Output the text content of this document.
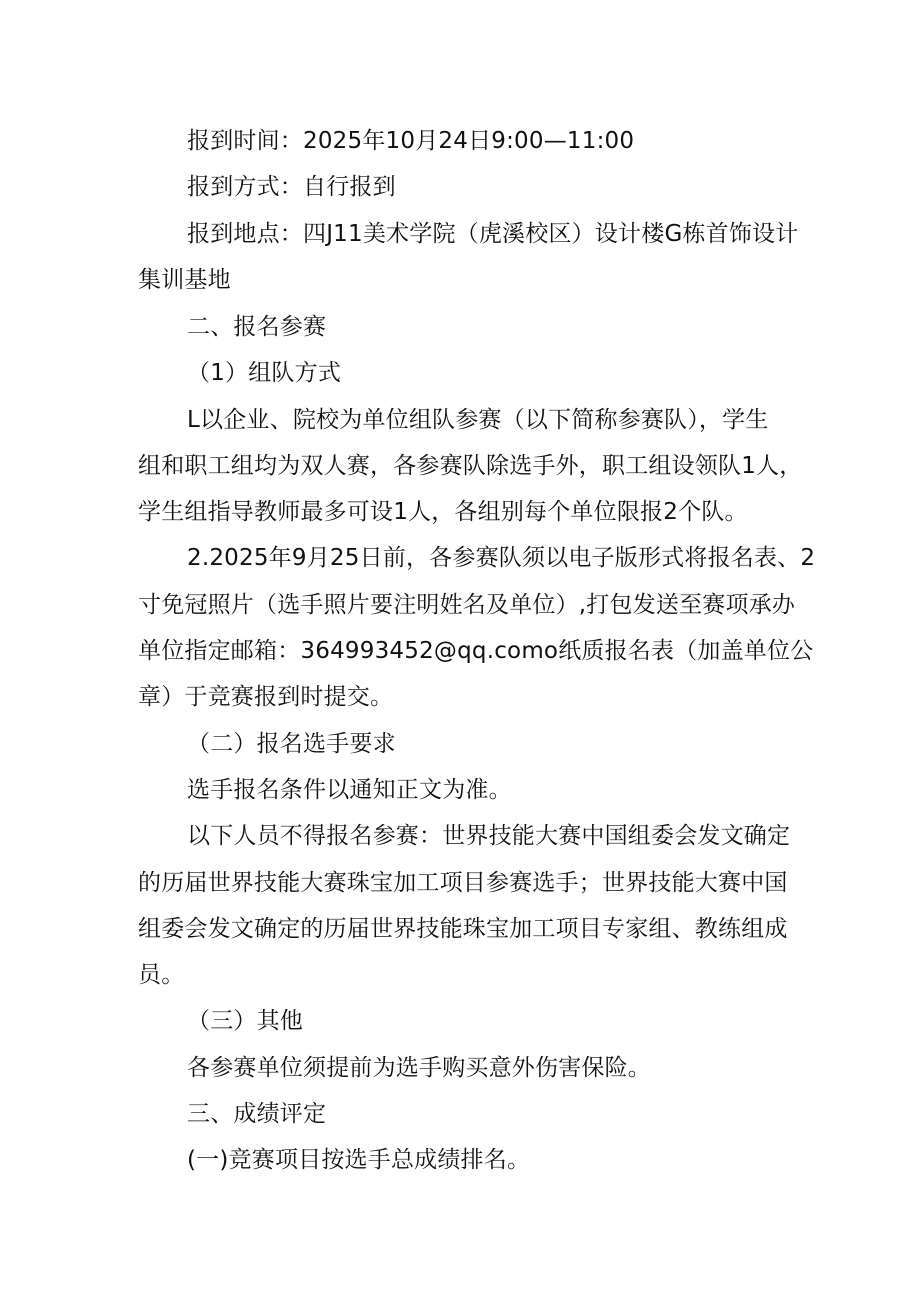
报到时间：2025年10月24日9:00—11:00
报到方式：自行报到
报到地点：四J11美术学院（虎溪校区）设计楼G栋首饰设计
集训基地
二、报名参赛
（1）组队方式
L以企业、院校为单位组队参赛（以下简称参赛队），学生
组和职工组均为双人赛，各参赛队除选手外，职工组设领队1人，
学生组指导教师最多可设1人，各组别每个单位限报2个队。
2.2025年9月25日前，各参赛队须以电子版形式将报名表、2
寸免冠照片（选手照片要注明姓名及单位）,打包发送至赛项承办
单位指定邮箱：364993452@qq.como纸质报名表（加盖单位公
章）于竞赛报到时提交。
（二）报名选手要求
选手报名条件以通知正文为准。
以下人员不得报名参赛：世界技能大赛中国组委会发文确定
的历届世界技能大赛珠宝加工项目参赛选手；世界技能大赛中国
组委会发文确定的历届世界技能珠宝加工项目专家组、教练组成
员。
（三）其他
各参赛单位须提前为选手购买意外伤害保险。
三、成绩评定
(一)竞赛项目按选手总成绩排名。
